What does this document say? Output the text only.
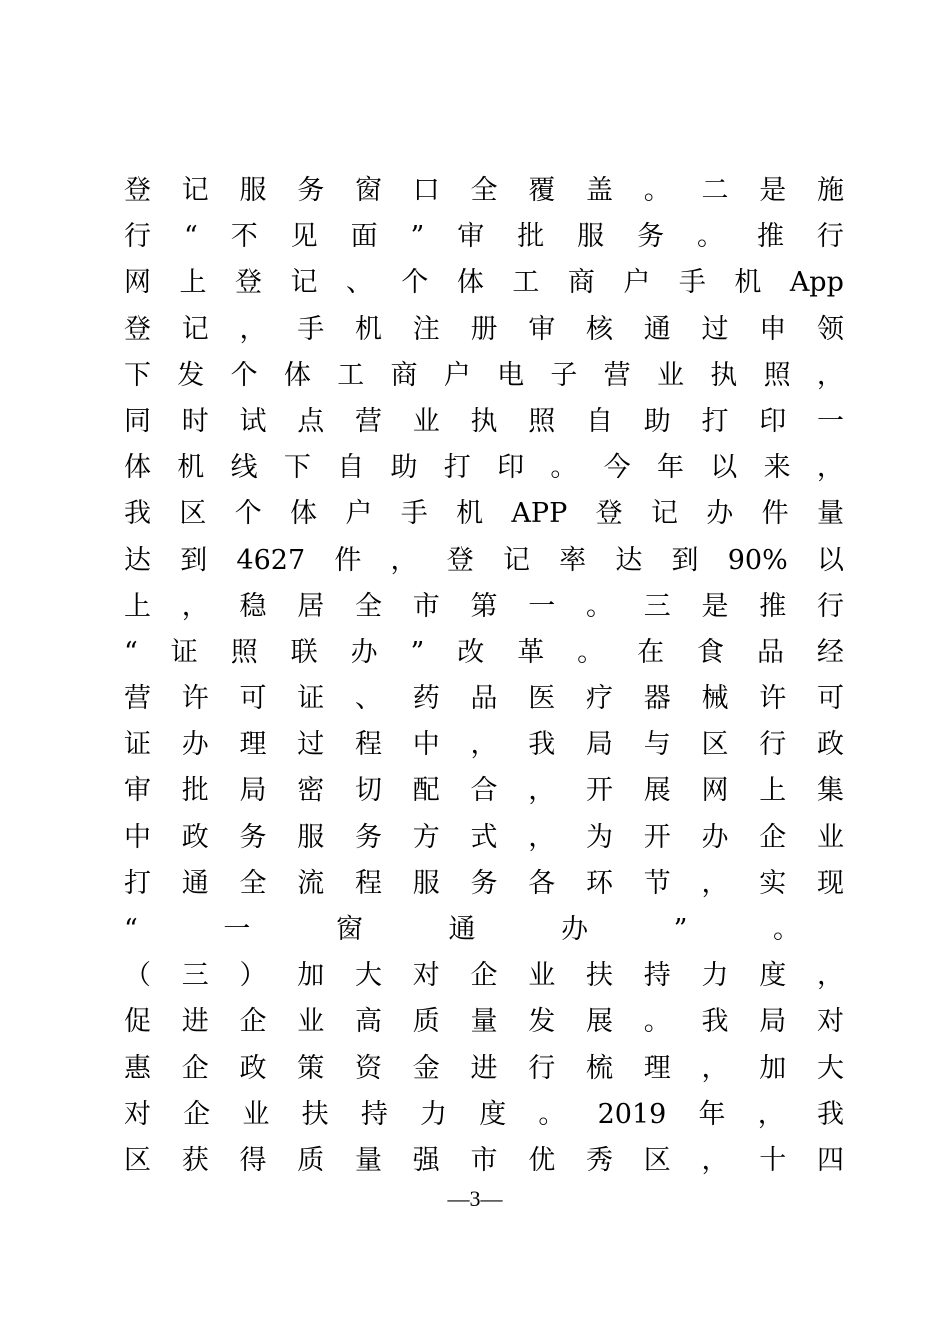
登 记 服 务 窗 口 全 覆 盖 。 二 是 施
行 “ 不 见 面 ” 审 批 服 务 。 推 行
网 上 登 记 、 个 体 工 商 户 手 机 App
登 记 ， 手 机 注 册 审 核 通 过 申 领
下 发 个 体 工 商 户 电 子 营 业 执 照 ，
同 时 试 点 营 业 执 照 自 助 打 印 一
体 机 线 下 自 助 打 印 。 今 年 以 来 ，
我 区 个 体 户 手 机 APP 登 记 办 件 量
达 到 4627 件 ， 登 记 率 达 到 90% 以
上 ， 稳 居 全 市 第 一 。 三 是 推 行
“ 证 照 联 办 ” 改 革 。 在 食 品 经
营 许 可 证 、 药 品 医 疗 器 械 许 可
证 办 理 过 程 中 ， 我 局 与 区 行 政
审 批 局 密 切 配 合 ， 开 展 网 上 集
中 政 务 服 务 方 式 ， 为 开 办 企 业
打 通 全 流 程 服 务 各 环 节 ， 实 现
“	一	窗	通	办	”	。
（ 三 ） 加 大 对 企 业 扶 持 力 度 ，
促 进 企 业 高 质 量 发 展 。 我 局 对
惠 企 政 策 资 金 进 行 梳 理 ， 加 大
对 企 业 扶 持 力 度 。 2019 年 ， 我
区 获 得 质 量 强 市 优 秀 区 ， 十 四
—3—
